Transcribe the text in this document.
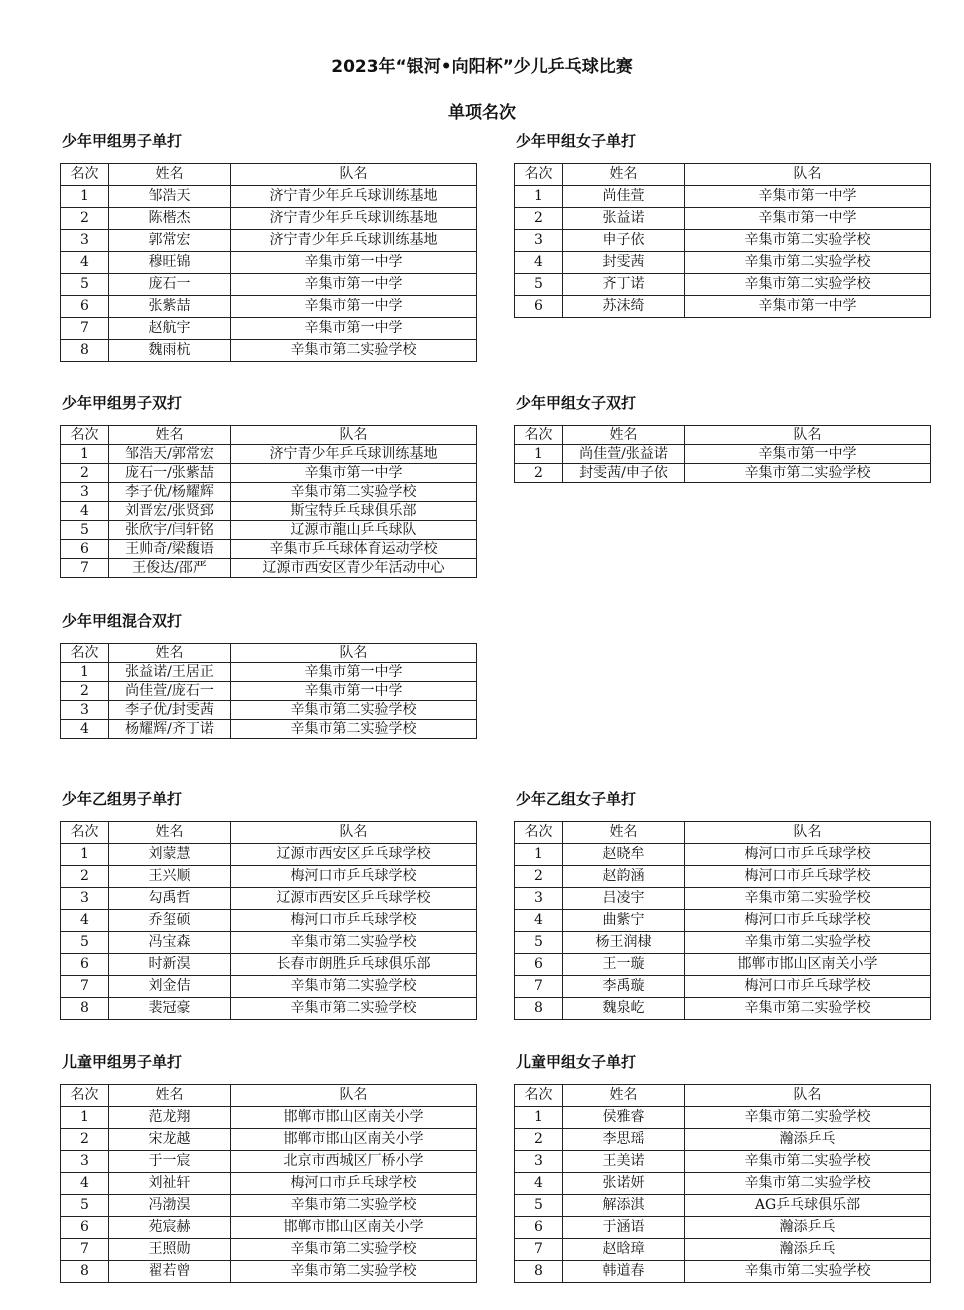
2023年“银河•向阳杯”少儿乒乓球比赛
单项名次
少年甲组男子单打
名次	姓名	队名
1	邹浩天	济宁青少年乒乓球训练基地
2	陈楷杰	济宁青少年乒乓球训练基地
3	郭常宏	济宁青少年乒乓球训练基地
4	穆旺锦	辛集市第一中学
5	庞石一	辛集市第一中学
6	张紫喆	辛集市第一中学
7	赵航宇	辛集市第一中学
8	魏雨杭	辛集市第二实验学校
少年甲组女子单打
名次	姓名	队名
1	尚佳萱	辛集市第一中学
2	张益诺	辛集市第一中学
3	申子依	辛集市第二实验学校
4	封雯茜	辛集市第二实验学校
5	齐丁诺	辛集市第二实验学校
6	苏沫绮	辛集市第一中学
少年甲组男子双打
名次	姓名	队名
1	邹浩天/郭常宏	济宁青少年乒乓球训练基地
2	庞石一/张紫喆	辛集市第一中学
3	李子优/杨耀辉	辛集市第二实验学校
4	刘晋宏/张贤郅	斯宝特乒乓球俱乐部
5	张欣宇/闫轩铭	辽源市龍山乒乓球队
6	王帅奇/梁馥语	辛集市乒乓球体育运动学校
7	王俊达/邵严	辽源市西安区青少年活动中心
少年甲组女子双打
名次	姓名	队名
1	尚佳萱/张益诺	辛集市第一中学
2	封雯茜/申子依	辛集市第二实验学校
少年甲组混合双打
名次	姓名	队名
1	张益诺/王居正	辛集市第一中学
2	尚佳萱/庞石一	辛集市第一中学
3	李子优/封雯茜	辛集市第二实验学校
4	杨耀辉/齐丁诺	辛集市第二实验学校
少年乙组男子单打
名次	姓名	队名
1	刘蒙慧	辽源市西安区乒乓球学校
2	王兴顺	梅河口市乒乓球学校
3	勾禹哲	辽源市西安区乒乓球学校
4	乔玺硕	梅河口市乒乓球学校
5	冯宝森	辛集市第二实验学校
6	时新淏	长春市朗胜乒乓球俱乐部
7	刘金佶	辛集市第二实验学校
8	裴冠豪	辛集市第二实验学校
少年乙组女子单打
名次	姓名	队名
1	赵晓牟	梅河口市乒乓球学校
2	赵韵涵	梅河口市乒乓球学校
3	吕凌宇	辛集市第二实验学校
4	曲紫宁	梅河口市乒乓球学校
5	杨王润棣	辛集市第二实验学校
6	王一璇	邯郸市邯山区南关小学
7	李禹璇	梅河口市乒乓球学校
8	魏泉屹	辛集市第二实验学校
儿童甲组男子单打
名次	姓名	队名
1	范龙翔	邯郸市邯山区南关小学
2	宋龙越	邯郸市邯山区南关小学
3	于一宸	北京市西城区厂桥小学
4	刘祉轩	梅河口市乒乓球学校
5	冯渤淏	辛集市第二实验学校
6	苑宸赫	邯郸市邯山区南关小学
7	王照勋	辛集市第二实验学校
8	翟若曾	辛集市第二实验学校
儿童甲组女子单打
名次	姓名	队名
1	侯雅睿	辛集市第二实验学校
2	李思瑶	瀚添乒乓
3	王美诺	辛集市第二实验学校
4	张诺妍	辛集市第二实验学校
5	解添淇	AG乒乓球俱乐部
6	于涵语	瀚添乒乓
7	赵晗璋	瀚添乒乓
8	韩道春	辛集市第二实验学校
